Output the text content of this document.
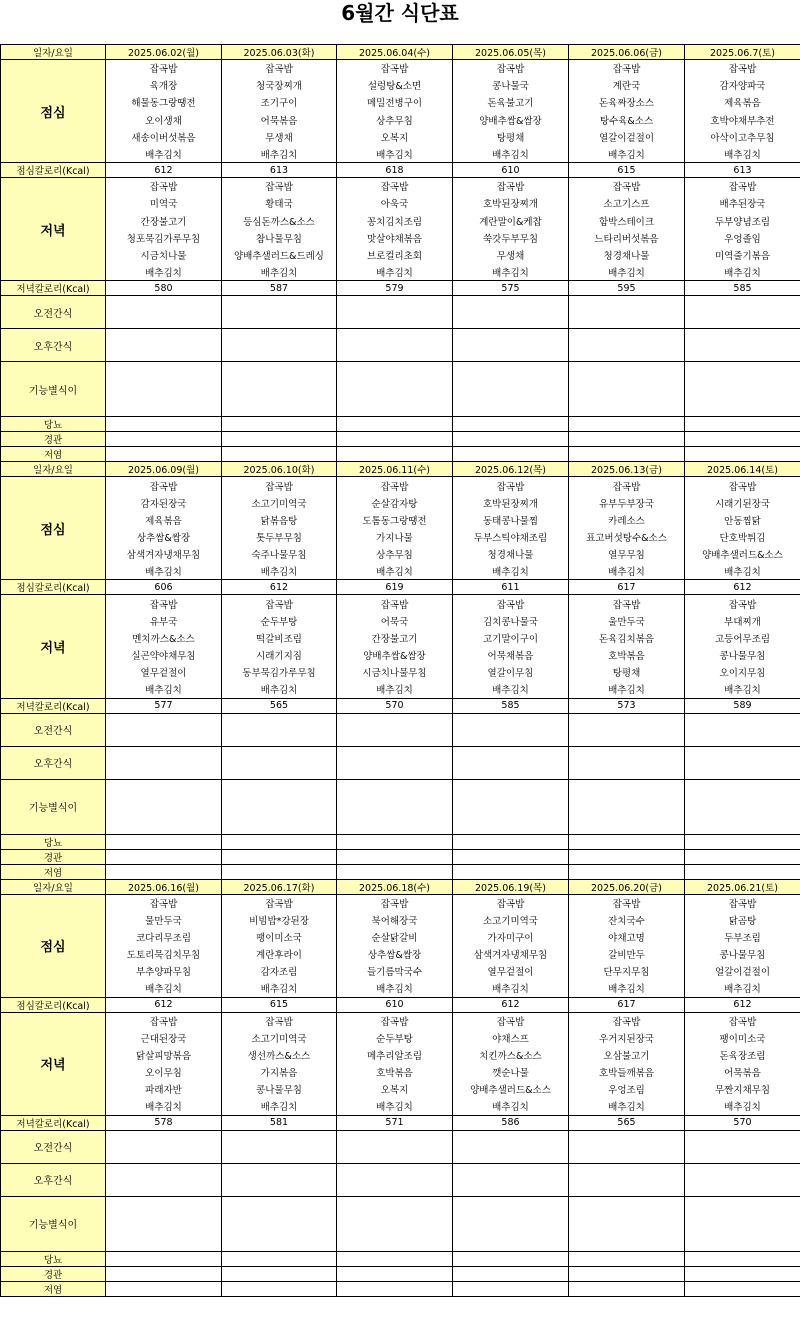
6월간 식단표
일자/요일	2025.06.02(월)	2025.06.03(화)	2025.06.04(수)	2025.06.05(목)	2025.06.06(금)	2025.06.7(토)
점심	잡곡밥	잡곡밥	잡곡밥	잡곡밥	잡곡밥	잡곡밥
	육개장	청국장찌개	설렁탕&소면	콩나물국	계란국	감자양파국
	해물동그랑땡전	조기구이	메밀전병구이	돈육불고기	돈육짜장소스	제육볶음
	오이생채	어묵볶음	상추무침	양배추쌈&쌈장	탕수육&소스	호박야채부추전
	새송이버섯볶음	무생채	오복지	탕평채	열갈이겉절이	아삭이고추무침
	배추김치	배추김치	배추김치	배추김치	배추김치	배추김치
점심칼로리(Kcal)	612	613	618	610	615	613
저녁	잡곡밥	잡곡밥	잡곡밥	잡곡밥	잡곡밥	잡곡밥
	미역국	황태국	아욱국	호박된장찌개	소고기스프	배추된장국
	간장불고기	등심돈까스&소스	꽁치김치조림	계란말이&케찹	함박스테이크	두부양념조림
	청포묵김가루무침	참나물무침	맛살야채볶음	쑥갓두부무침	느타리버섯볶음	우엉졸임
	시금치나물	양배추샐러드&드레싱	브로컬리초회	무생채	청경채나물	미역줄기볶음
	배추김치	배추김치	배추김치	배추김치	배추김치	배추김치
저녁칼로리(Kcal)	580	587	579	575	595	585
오전간식						
오후간식						
기능별식이						
당뇨						
경관						
저염						
일자/요일	2025.06.09(월)	2025.06.10(화)	2025.06.11(수)	2025.06.12(목)	2025.06.13(금)	2025.06.14(토)
점심	잡곡밥	잡곡밥	잡곡밥	잡곡밥	잡곡밥	잡곡밥
	감자된장국	소고기미역국	순살감자탕	호박된장찌개	유부두부장국	시래기된장국
	제육볶음	닭볶음탕	도톰동그랑땡전	동태콩나물찜	카레소스	안동찜닭
	상추쌈&쌈장	톳두부무침	가지나물	두부스틱야채조림	표고버섯탕수&소스	단호박튀김
	삼색겨자냉채무침	숙주나물무침	상추무침	청경채나물	열무무침	양배추샐러드&소스
	배추김치	배추김치	배추김치	배추김치	배추김치	배추김치
점심칼로리(Kcal)	606	612	619	611	617	612
저녁	잡곡밥	잡곡밥	잡곡밥	잡곡밥	잡곡밥	잡곡밥
	유부국	순두부탕	어묵국	김치콩나물국	울만두국	부대찌개
	멘치까스&소스	떡갈비조림	간장불고기	고기말이구이	돈육김치볶음	고등어무조림
	실곤약야채무침	시래기지짐	양배추쌈&쌈장	어묵채볶음	호박볶음	콩나물무침
	열무겉절이	동부묵김가루무침	시금치나물무침	열갈이무침	탕평채	오이지무침
	배추김치	배추김치	배추김치	배추김치	배추김치	배추김치
저녁칼로리(Kcal)	577	565	570	585	573	589
오전간식						
오후간식						
기능별식이						
당뇨						
경관						
저염						
일자/요일	2025.06.16(월)	2025.06.17(화)	2025.06.18(수)	2025.06.19(목)	2025.06.20(금)	2025.06.21(토)
점심	잡곡밥	잡곡밥	잡곡밥	잡곡밥	잡곡밥	잡곡밥
	물만두국	비빔밥*강된장	북어해장국	소고기미역국	잔치국수	닭곰탕
	코다리무조림	팽이미소국	순살닭갈비	가자미구이	야채고명	두부조림
	도토리묵김치무침	계란후라이	상추쌈&쌈장	삼색겨자냉채무침	갈비만두	콩나물무침
	부추양파무침	감자조림	들기름막국수	열무겉절이	단무지무침	얼갈이겉절이
	배추김치	배추김치	배추김치	배추김치	배추김치	배추김치
점심칼로리(Kcal)	612	615	610	612	617	612
저녁	잡곡밥	잡곡밥	잡곡밥	잡곡밥	잡곡밥	잡곡밥
	근대된장국	소고기미역국	순두부탕	야채스프	우거지된장국	팽이미소국
	닭살피망볶음	생선까스&소스	메추리알조림	치킨까스&소스	오삼불고기	돈육장조림
	오이무침	가지볶음	호박볶음	깻순나물	호박들깨볶음	어묵볶음
	파래자반	콩나물무침	오복지	양배추샐러드&소스	우엉조림	무짠지채무침
	배추김치	배추김치	배추김치	배추김치	배추김치	배추김치
저녁칼로리(Kcal)	578	581	571	586	565	570
오전간식						
오후간식						
기능별식이						
당뇨						
경관						
저염						
